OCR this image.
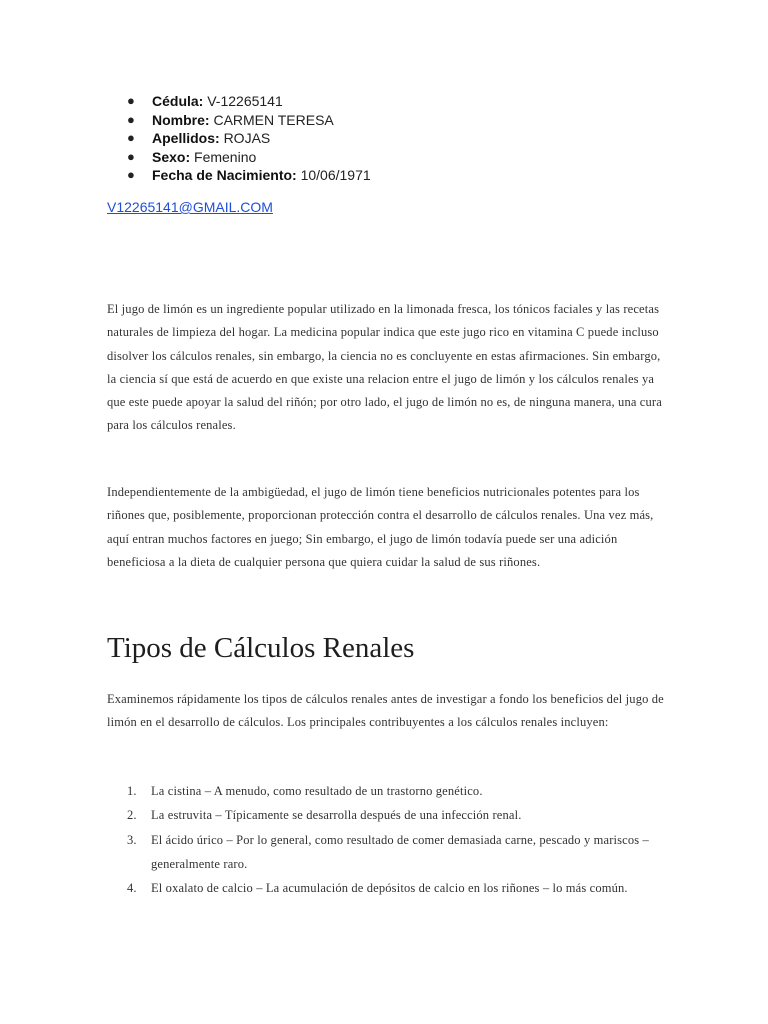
● Cédula: V-12265141
● Nombre: CARMEN TERESA
● Apellidos: ROJAS
● Sexo: Femenino
● Fecha de Nacimiento: 10/06/1971
V12265141@GMAIL.COM

El jugo de limón es un ingrediente popular utilizado en la limonada fresca, los tónicos faciales y las recetas naturales de limpieza del hogar. La medicina popular indica que este jugo rico en vitamina C puede incluso disolver los cálculos renales, sin embargo, la ciencia no es concluyente en estas afirmaciones. Sin embargo, la ciencia sí que está de acuerdo en que existe una relacion entre el jugo de limón y los cálculos renales ya que este puede apoyar la salud del riñón; por otro lado, el jugo de limón no es, de ninguna manera, una cura para los cálculos renales.

Independientemente de la ambigüedad, el jugo de limón tiene beneficios nutricionales potentes para los riñones que, posiblemente, proporcionan protección contra el desarrollo de cálculos renales. Una vez más, aquí entran muchos factores en juego; Sin embargo, el jugo de limón todavía puede ser una adición beneficiosa a la dieta de cualquier persona que quiera cuidar la salud de sus riñones.

Tipos de Cálculos Renales

Examinemos rápidamente los tipos de cálculos renales antes de investigar a fondo los beneficios del jugo de limón en el desarrollo de cálculos. Los principales contribuyentes a los cálculos renales incluyen:

1. La cistina – A menudo, como resultado de un trastorno genético.
2. La estruvita – Típicamente se desarrolla después de una infección renal.
3. El ácido úrico – Por lo general, como resultado de comer demasiada carne, pescado y mariscos – generalmente raro.
4. El oxalato de calcio – La acumulación de depósitos de calcio en los riñones – lo más común.
